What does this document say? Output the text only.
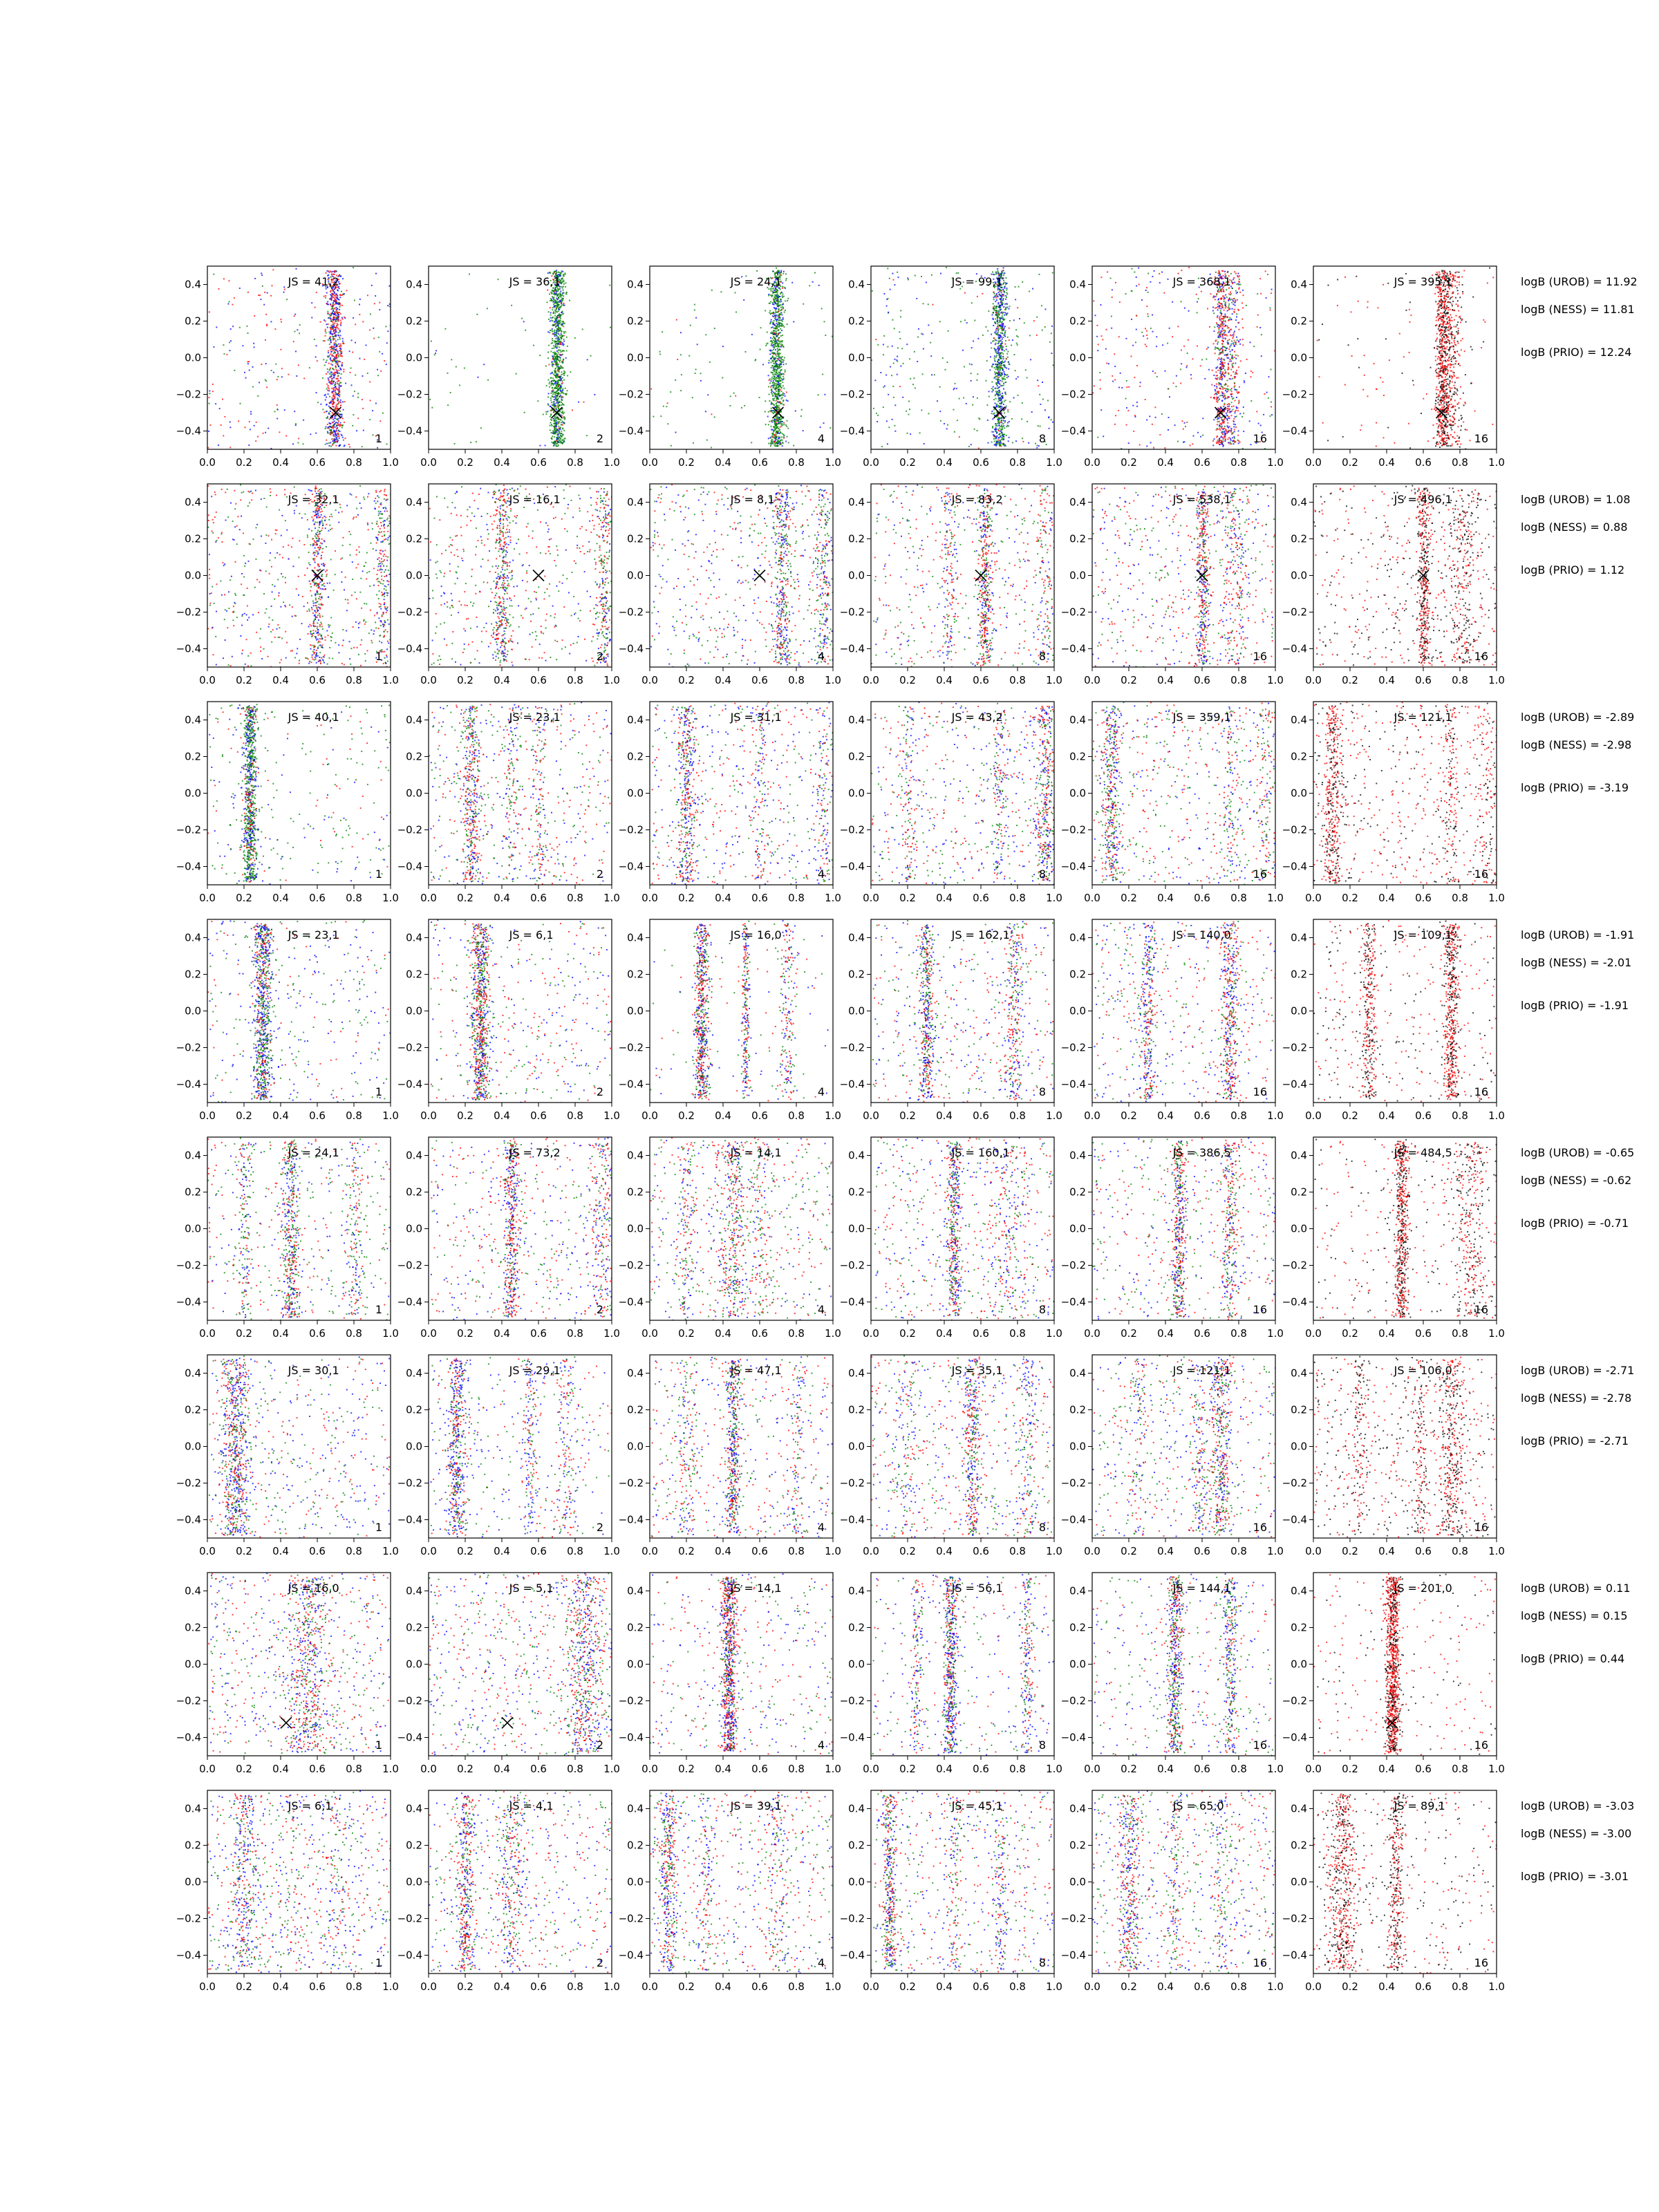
0.0 0.2 0.4 0.6 0.8 1.0
0.4
0.2
0.0
−0.2
−0.4
JS = 41,2
1
0.0 0.2 0.4 0.6 0.8 1.0
0.4
0.2
0.0
−0.2
−0.4
JS = 36,1
2
0.0 0.2 0.4 0.6 0.8 1.0
0.4
0.2
0.0
−0.2
−0.4
JS = 24,1
4
0.0 0.2 0.4 0.6 0.8 1.0
0.4
0.2
0.0
−0.2
−0.4
JS = 99,1
8
0.0 0.2 0.4 0.6 0.8 1.0
0.4
0.2
0.0
−0.2
−0.4
JS = 368,1
16
0.0 0.2 0.4 0.6 0.8 1.0
0.4
0.2
0.0
−0.2
−0.4
JS = 395,1
16
0.0 0.2 0.4 0.6 0.8 1.0
0.4
0.2
0.0
−0.2
−0.4
JS = 32,1
1
0.0 0.2 0.4 0.6 0.8 1.0
0.4
0.2
0.0
−0.2
−0.4
JS = 16,1
2
0.0 0.2 0.4 0.6 0.8 1.0
0.4
0.2
0.0
−0.2
−0.4
JS = 8,1
4
0.0 0.2 0.4 0.6 0.8 1.0
0.4
0.2
0.0
−0.2
−0.4
JS = 83,2
8
0.0 0.2 0.4 0.6 0.8 1.0
0.4
0.2
0.0
−0.2
−0.4
JS = 538,1
16
0.0 0.2 0.4 0.6 0.8 1.0
0.4
0.2
0.0
−0.2
−0.4
JS = 496,1
16
0.0 0.2 0.4 0.6 0.8 1.0
0.4
0.2
0.0
−0.2
−0.4
JS = 40,1
1
0.0 0.2 0.4 0.6 0.8 1.0
0.4
0.2
0.0
−0.2
−0.4
JS = 23,1
2
0.0 0.2 0.4 0.6 0.8 1.0
0.4
0.2
0.0
−0.2
−0.4
JS = 31,1
4
0.0 0.2 0.4 0.6 0.8 1.0
0.4
0.2
0.0
−0.2
−0.4
JS = 43,2
8
0.0 0.2 0.4 0.6 0.8 1.0
0.4
0.2
0.0
−0.2
−0.4
JS = 359,1
16
0.0 0.2 0.4 0.6 0.8 1.0
0.4
0.2
0.0
−0.2
−0.4
JS = 121,1
16
0.0 0.2 0.4 0.6 0.8 1.0
0.4
0.2
0.0
−0.2
−0.4
JS = 23,1
1
0.0 0.2 0.4 0.6 0.8 1.0
0.4
0.2
0.0
−0.2
−0.4
JS = 6,1
2
0.0 0.2 0.4 0.6 0.8 1.0
0.4
0.2
0.0
−0.2
−0.4
JS = 16,0
4
0.0 0.2 0.4 0.6 0.8 1.0
0.4
0.2
0.0
−0.2
−0.4
JS = 162,1
8
0.0 0.2 0.4 0.6 0.8 1.0
0.4
0.2
0.0
−0.2
−0.4
JS = 140,0
16
0.0 0.2 0.4 0.6 0.8 1.0
0.4
0.2
0.0
−0.2
−0.4
JS = 109,1
16
0.0 0.2 0.4 0.6 0.8 1.0
0.4
0.2
0.0
−0.2
−0.4
JS = 24,1
1
0.0 0.2 0.4 0.6 0.8 1.0
0.4
0.2
0.0
−0.2
−0.4
JS = 73,2
2
0.0 0.2 0.4 0.6 0.8 1.0
0.4
0.2
0.0
−0.2
−0.4
JS = 14,1
4
0.0 0.2 0.4 0.6 0.8 1.0
0.4
0.2
0.0
−0.2
−0.4
JS = 160,1
8
0.0 0.2 0.4 0.6 0.8 1.0
0.4
0.2
0.0
−0.2
−0.4
JS = 386,5
16
0.0 0.2 0.4 0.6 0.8 1.0
0.4
0.2
0.0
−0.2
−0.4
JS = 484,5
16
0.0 0.2 0.4 0.6 0.8 1.0
0.4
0.2
0.0
−0.2
−0.4
JS = 30,1
1
0.0 0.2 0.4 0.6 0.8 1.0
0.4
0.2
0.0
−0.2
−0.4
JS = 29,1
2
0.0 0.2 0.4 0.6 0.8 1.0
0.4
0.2
0.0
−0.2
−0.4
JS = 47,1
4
0.0 0.2 0.4 0.6 0.8 1.0
0.4
0.2
0.0
−0.2
−0.4
JS = 35,1
8
0.0 0.2 0.4 0.6 0.8 1.0
0.4
0.2
0.0
−0.2
−0.4
JS = 121,1
16
0.0 0.2 0.4 0.6 0.8 1.0
0.4
0.2
0.0
−0.2
−0.4
JS = 106,0
16
0.0 0.2 0.4 0.6 0.8 1.0
0.4
0.2
0.0
−0.2
−0.4
JS = 16,0
1
0.0 0.2 0.4 0.6 0.8 1.0
0.4
0.2
0.0
−0.2
−0.4
JS = 5,1
2
0.0 0.2 0.4 0.6 0.8 1.0
0.4
0.2
0.0
−0.2
−0.4
JS = 14,1
4
0.0 0.2 0.4 0.6 0.8 1.0
0.4
0.2
0.0
−0.2
−0.4
JS = 56,1
8
0.0 0.2 0.4 0.6 0.8 1.0
0.4
0.2
0.0
−0.2
−0.4
JS = 144,1
16
0.0 0.2 0.4 0.6 0.8 1.0
0.4
0.2
0.0
−0.2
−0.4
JS = 201,0
16
0.0 0.2 0.4 0.6 0.8 1.0
0.4
0.2
0.0
−0.2
−0.4
JS = 6,1
1
0.0 0.2 0.4 0.6 0.8 1.0
0.4
0.2
0.0
−0.2
−0.4
JS = 4,1
2
0.0 0.2 0.4 0.6 0.8 1.0
0.4
0.2
0.0
−0.2
−0.4
JS = 39,1
4
0.0 0.2 0.4 0.6 0.8 1.0
0.4
0.2
0.0
−0.2
−0.4
JS = 45,1
8
0.0 0.2 0.4 0.6 0.8 1.0
0.4
0.2
0.0
−0.2
−0.4
JS = 65,0
16
0.0 0.2 0.4 0.6 0.8 1.0
0.4
0.2
0.0
−0.2
−0.4
JS = 89,1
16
logB (UROB) = 11.92
logB (NESS) = 11.81
logB (PRIO) = 12.24
logB (UROB) = 1.08
logB (NESS) = 0.88
logB (PRIO) = 1.12
logB (UROB) = -2.89
logB (NESS) = -2.98
logB (PRIO) = -3.19
logB (UROB) = -1.91
logB (NESS) = -2.01
logB (PRIO) = -1.91
logB (UROB) = -0.65
logB (NESS) = -0.62
logB (PRIO) = -0.71
logB (UROB) = -2.71
logB (NESS) = -2.78
logB (PRIO) = -2.71
logB (UROB) = 0.11
logB (NESS) = 0.15
logB (PRIO) = 0.44
logB (UROB) = -3.03
logB (NESS) = -3.00
logB (PRIO) = -3.01
